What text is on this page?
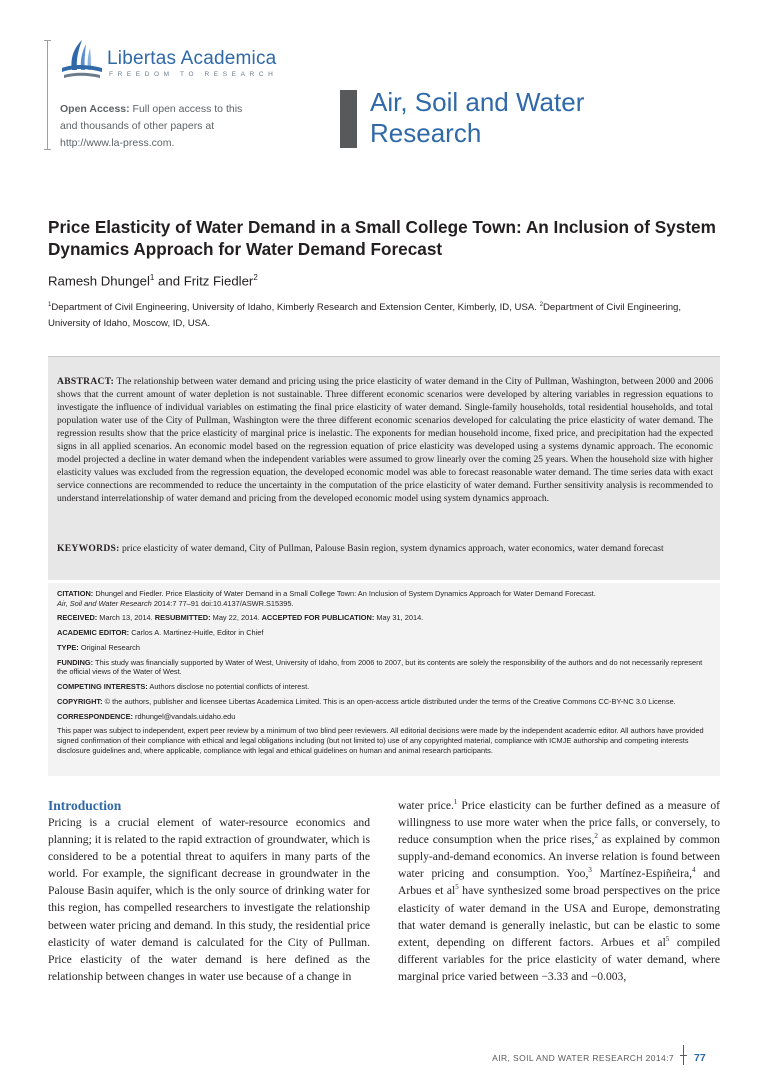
Libertas Academica
FREEDOM TO RESEARCH
Open Access: Full open access to this and thousands of other papers at http://www.la-press.com.
Air, Soil and Water Research
Price Elasticity of Water Demand in a Small College Town: An Inclusion of System Dynamics Approach for Water Demand Forecast
Ramesh Dhungel$^1$ and Fritz Fiedler$^2$
$^1$Department of Civil Engineering, University of Idaho, Kimberly Research and Extension Center, Kimberly, ID, USA. $^2$Department of Civil Engineering, University of Idaho, Moscow, ID, USA.
ABSTRACT: The relationship between water demand and pricing using the price elasticity of water demand in the City of Pullman, Washington, between 2000 and 2006 shows that the current amount of water depletion is not sustainable. Three different economic scenarios were developed by altering variables in regression equations to investigate the influence of individual variables on estimating the final price elasticity of water demand. Single-family households, total residential households, and total population water use of the City of Pullman, Washington were the three different economic scenarios developed for calculating the price elasticity of water demand. The regression results show that the price elasticity of marginal price is inelastic. The exponents for median household income, fixed price, and precipitation had the expected signs in all applied scenarios. An economic model based on the regression equation of price elasticity was developed using a systems dynamic approach. The economic model projected a decline in water demand when the independent variables were assumed to grow linearly over the coming 25 years. When the household size with higher elasticity values was excluded from the regression equation, the developed economic model was able to forecast reasonable water demand. The time series data with exact service connections are recommended to reduce the uncertainty in the computation of the price elasticity of water demand. Further sensitivity analysis is recommended to understand interrelationship of water demand and pricing from the developed economic model using system dynamics approach.
KEYWORDS: price elasticity of water demand, City of Pullman, Palouse Basin region, system dynamics approach, water economics, water demand forecast

CITATION: Dhungel and Fiedler. Price Elasticity of Water Demand in a Small College Town: An Inclusion of System Dynamics Approach for Water Demand Forecast.
Air, Soil and Water Research 2014:7 77–91 doi:10.4137/ASWR.S15395.

RECEIVED: March 13, 2014. RESUBMITTED: May 22, 2014. ACCEPTED FOR PUBLICATION: May 31, 2014.

ACADEMIC EDITOR: Carlos A. Martinez-Huitle, Editor in Chief

TYPE: Original Research

FUNDING: This study was financially supported by Water of West, University of Idaho, from 2006 to 2007, but its contents are solely the responsibility of the authors and do not necessarily represent the official views of the Water of West.

COMPETING INTERESTS: Authors disclose no potential conflicts of interest.

COPYRIGHT: © the authors, publisher and licensee Libertas Academica Limited. This is an open-access article distributed under the terms of the Creative Commons CC-BY-NC 3.0 License.

CORRESPONDENCE: rdhungel@vandals.uidaho.edu

This paper was subject to independent, expert peer review by a minimum of two blind peer reviewers. All editorial decisions were made by the independent academic editor. All authors have provided signed confirmation of their compliance with ethical and legal obligations including (but not limited to) use of any copyrighted material, compliance with ICMJE authorship and competing interests disclosure guidelines and, where applicable, compliance with legal and ethical guidelines on human and animal research participants.

Introduction
Pricing is a crucial element of water-resource economics and planning; it is related to the rapid extraction of groundwater, which is considered to be a potential threat to aquifers in many parts of the world. For example, the significant decrease in groundwater in the Palouse Basin aquifer, which is the only source of drinking water for this region, has compelled researchers to investigate the relationship between water pricing and demand. In this study, the residential price elasticity of water demand is calculated for the City of Pullman. Price elasticity of the water demand is here defined as the relationship between changes in water use because of a change in
water price.$^1$ Price elasticity can be further defined as a measure of willingness to use more water when the price falls, or conversely, to reduce consumption when the price rises,$^2$ as explained by common supply-and-demand economics. An inverse relation is found between water pricing and consumption. Yoo,$^3$ Martínez-Espiñeira,$^4$ and Arbues et $al^5$ have synthesized some broad perspectives on the price elasticity of water demand in the USA and Europe, demonstrating that water demand is generally inelastic, but can be elastic to some extent, depending on different factors. Arbues et $al^5$ compiled different variables for the price elasticity of water demand, where marginal price varied between −3.33 and −0.003,
AIR, SOIL AND WATER RESEARCH 2014:7 77
